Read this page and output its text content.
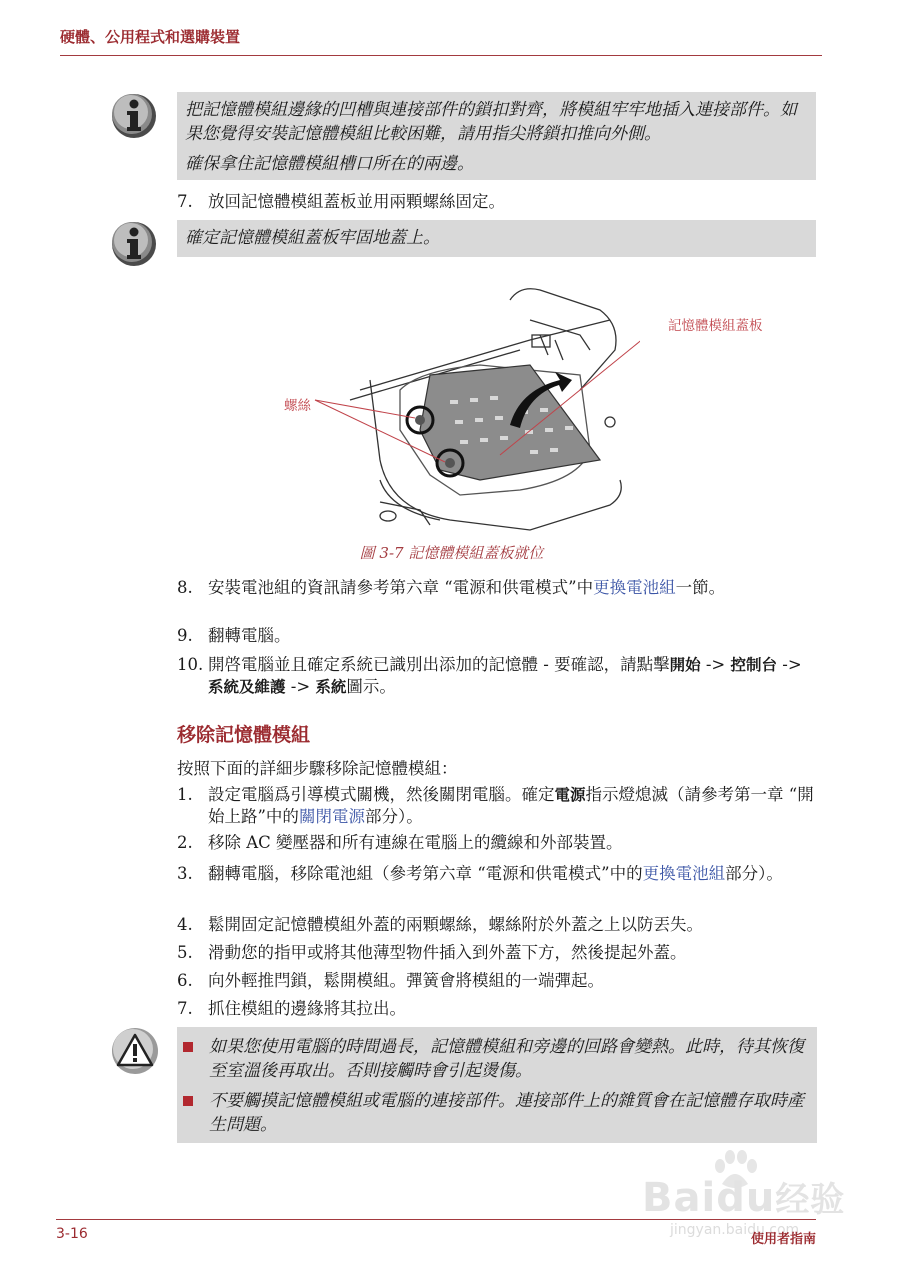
硬體、公用程式和選購裝置

把記憶體模組邊緣的凹槽與連接部件的鎖扣對齊，將模組牢牢地插入連接部件。如果您覺得安裝記憶體模組比較困難，請用指尖將鎖扣推向外側。

確保拿住記憶體模組槽口所在的兩邊。

7. 放回記憶體模組蓋板並用兩顆螺絲固定。

確定記憶體模組蓋板牢固地蓋上。

記憶體模組蓋板
螺絲
圖 3-7 記憶體模組蓋板就位
8. 安裝電池組的資訊請參考第六章 “電源和供電模式”中更換電池組一節。
9. 翻轉電腦。
10. 開啓電腦並且確定系統已識別出添加的記憶體 - 要確認，請點擊開始 -> 控制台 -> 系統及維護 -> 系統圖示。
移除記憶體模組
按照下面的詳細步驟移除記憶體模組：
1. 設定電腦爲引導模式關機，然後關閉電腦。確定電源指示燈熄滅（請參考第一章 “開始上路”中的關閉電源部分）。
2. 移除 AC 變壓器和所有連線在電腦上的纜線和外部裝置。
3. 翻轉電腦，移除電池組（參考第六章 “電源和供電模式”中的更換電池組部分）。
4. 鬆開固定記憶體模組外蓋的兩顆螺絲，螺絲附於外蓋之上以防丟失。
5. 滑動您的指甲或將其他薄型物件插入到外蓋下方，然後提起外蓋。
6. 向外輕推閂鎖，鬆開模組。彈簧會將模組的一端彈起。
7. 抓住模組的邊緣將其拉出。
如果您使用電腦的時間過長，記憶體模組和旁邊的回路會變熱。此時，待其恢復至室溫後再取出。否則接觸時會引起燙傷。
不要觸摸記憶體模組或電腦的連接部件。連接部件上的雜質會在記憶體存取時產生問題。
Baidu经验
jingyan.baidu.com
3-16	使用者指南
